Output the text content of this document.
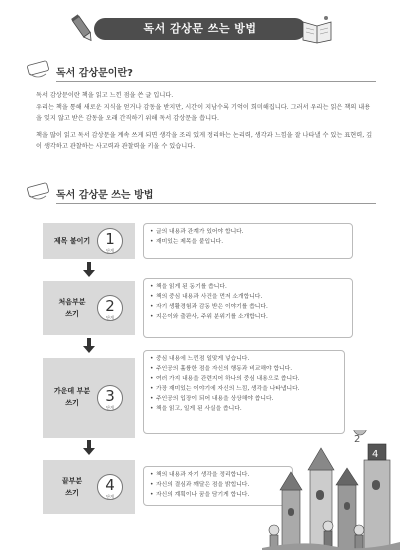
독서 감상문 쓰는 방법
독서 감상문이란?
독서 감상문이란 책을 읽고 느낀 점을 쓴 글 입니다.
우리는 책을 통해 새로운 지식을 얻거나 감동을 받지만, 시간이 지남수록 기억이 희미해집니다. 그러서 우리는 읽은 책의 내용을 잊지 않고 받은 감동을 오래 간직하기 위해 독서 감상문을 씁니다.
책을 많이 읽고 독서 감상문을 계속 쓰게 되면 생각을 조리 있게 정리하는 논리력, 생각과 느낌을 잘 나타낼 수 있는 표현력, 깊이 생각하고 관찰하는 사고력과 관찰력을 키울 수 있습니다.
독서 감상문 쓰는 방법
제목 붙이기	1
단계
• 글의 내용과 관계가 있어야 합니다.
• 재미있는 제목을 붙입니다.
처음부분
쓰기	2
단계
• 책을 읽게 된 동기를 씁니다.
• 책의 중심 내용과 사건을 먼저 소개합니다.
• 자기 생활경험과 감동 받은 이야기를 씁니다.
• 지은이와 출판사, 주위 분위기를 소개합니다.
가운데 부분
쓰기	3
단계
• 중심 내용에 느낀점 일맞게 넣습니다.
• 주인공의 훌륭한 점을 자신의 행동과 비교해야 합니다.
• 여러 가지 내용을 관련지어 하나의 중심 내용으로 씁니다.
• 가장 재미있는 이야기에 자신의 느낌, 생각을 나타냅니다.
• 주인공의 입장이 되어 내용을 상상해야 씁니다.
• 책을 읽고, 일게 된 사실을 씁니다.
끝부분
쓰기	4
단계
• 책의 내용과 자기 생각을 정리합니다.
• 자신의 결심과 깨달은 점을 밝힙니다.
• 자신의 계획이나 꿈을 담기게 합니다.
2
4
